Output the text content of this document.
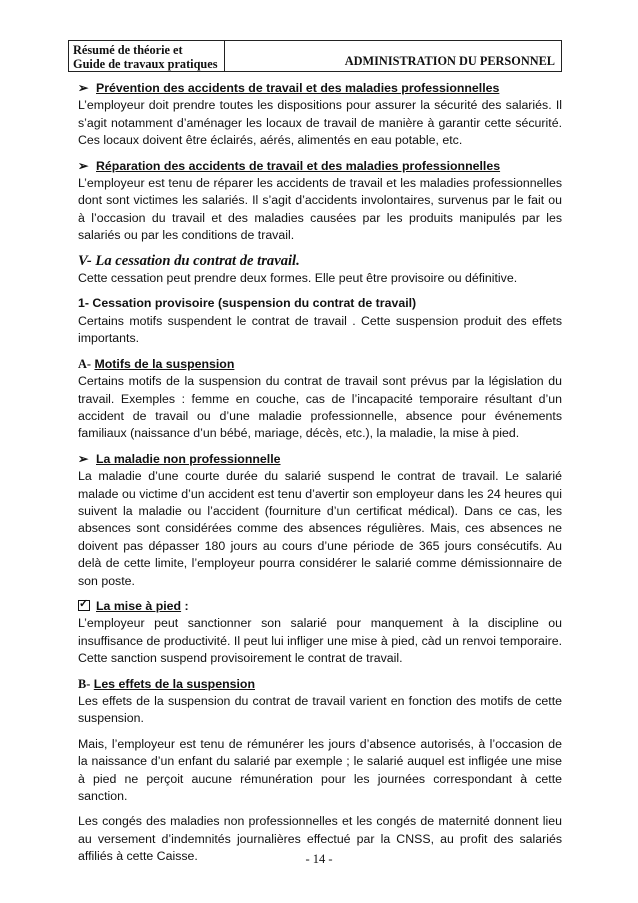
Résumé de théorie et
Guide de travaux pratiques	ADMINISTRATION DU PERSONNEL
➢ Prévention des accidents de travail et des maladies professionnelles

L’employeur doit prendre toutes les dispositions pour assurer la sécurité des salariés. Il s’agit notamment d’aménager les locaux de travail de manière à garantir cette sécurité. Ces locaux doivent être éclairés, aérés, alimentés en eau potable, etc.

➢ Réparation des accidents de travail et des maladies professionnelles

L’employeur est tenu de réparer les accidents de travail et les maladies professionnelles dont sont victimes les salariés. Il s’agit d’accidents involontaires, survenus par le fait ou à l’occasion du travail et des maladies causées par les produits manipulés par les salariés ou par les conditions de travail.

V- La cessation du contrat de travail.

Cette cessation peut prendre deux formes. Elle peut être provisoire ou définitive.

1- Cessation provisoire (suspension du contrat de travail)

Certains motifs suspendent le contrat de travail . Cette suspension produit des effets importants.

A- Motifs de la suspension

Certains motifs de la suspension du contrat de travail sont prévus par la législation du travail. Exemples : femme en couche, cas de l’incapacité temporaire résultant d’un accident de travail ou d’une maladie professionnelle, absence pour événements familiaux (naissance d’un bébé, mariage, décès, etc.), la maladie, la mise à pied.

➢ La maladie non professionnelle

La maladie d’une courte durée du salarié suspend le contrat de travail. Le salarié malade ou victime d’un accident est tenu d’avertir son employeur dans les 24 heures qui suivent la maladie ou l’accident (fourniture d’un certificat médical). Dans ce cas, les absences sont considérées comme des absences régulières. Mais, ces absences ne doivent pas dépasser 180 jours au cours d’une période de 365 jours consécutifs. Au delà de cette limite, l’employeur pourra considérer le salarié comme démissionnaire de son poste.

✓La mise à pied :

L’employeur peut sanctionner son salarié pour manquement à la discipline ou insuffisance de productivité. Il peut lui infliger une mise à pied, càd un renvoi temporaire. Cette sanction suspend provisoirement le contrat de travail.

B- Les effets de la suspension

Les effets de la suspension du contrat de travail varient en fonction des motifs de cette suspension.

Mais, l’employeur est tenu de rémunérer les jours d’absence autorisés, à l’occasion de la naissance d’un enfant du salarié par exemple ; le salarié auquel est infligée une mise à pied ne perçoit aucune rémunération pour les journées correspondant à cette sanction.

Les congés des maladies non professionnelles et les congés de maternité donnent lieu au versement d’indemnités journalières effectué par la CNSS, au profit des salariés affiliés à cette Caisse.	- 14 -
